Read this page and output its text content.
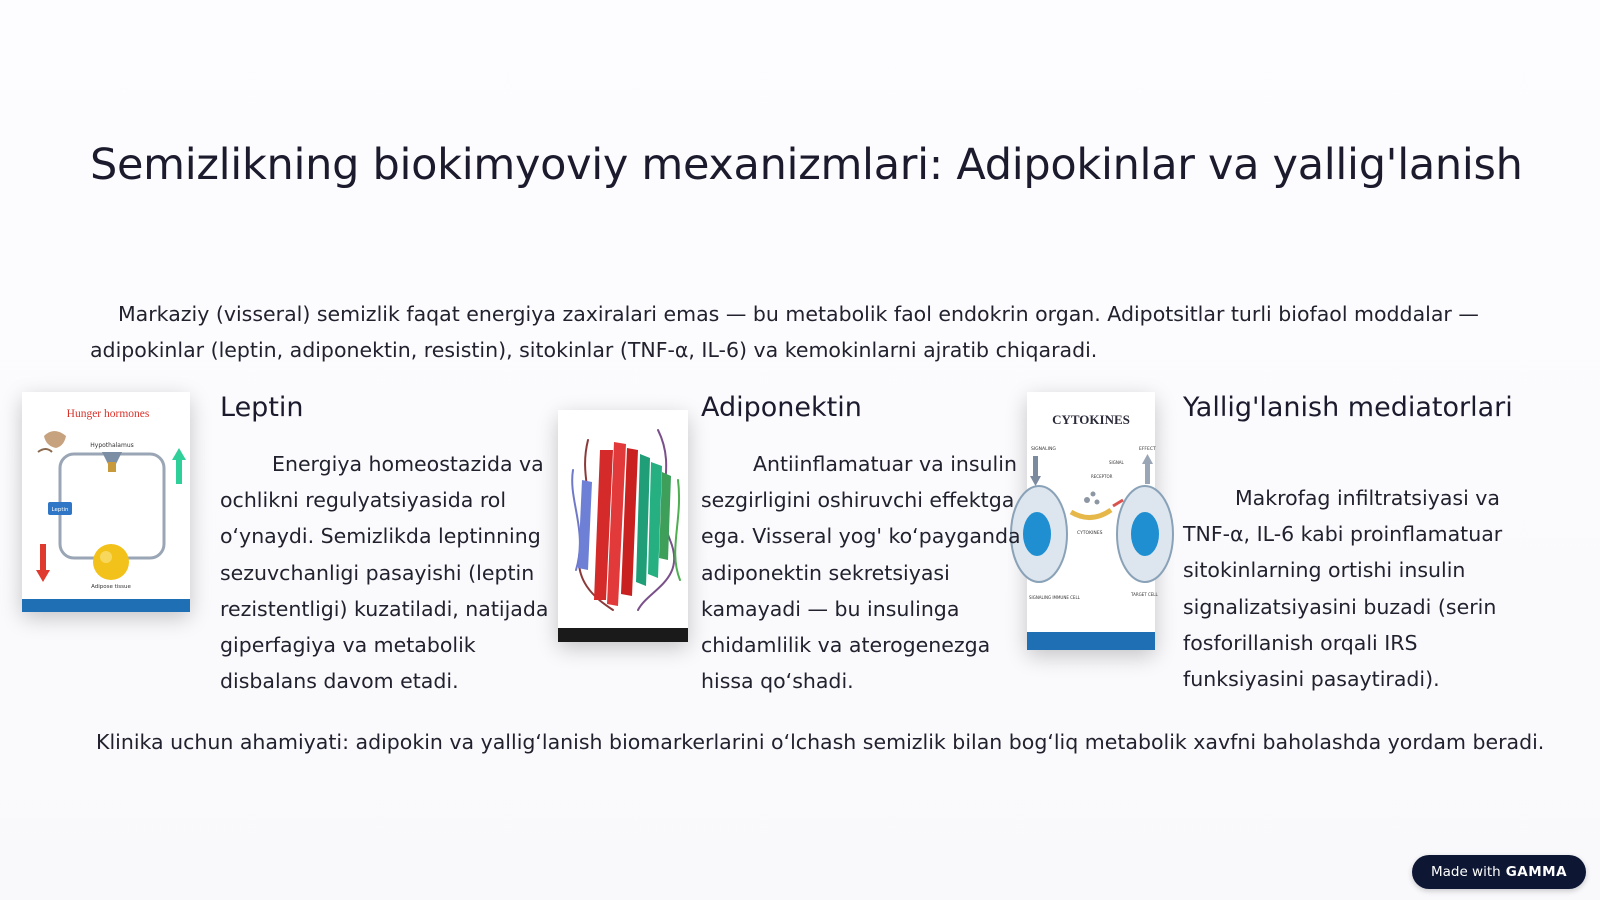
Semizlikning biokimyoviy mexanizmlari: Adipokinlar va yallig'lanish

Markaziy (visseral) semizlik faqat energiya zaxiralari emas — bu metabolik faol endokrin organ. Adipotsitlar turli biofaol moddalar — adipokinlar (leptin, adiponektin, resistin), sitokinlar (TNF-α, IL-6) va kemokinlarni ajratib chiqaradi.

Hunger hormones
Hypothalamus
Leptin
Adipose tissue
CYTOKINES
SIGNALING	EFFECT
SIGNAL
RECEPTOR
CYTOKINES
SIGNALING IMMUNE CELL
TARGET CELL
Leptin	Adiponektin	Yallig'lanish mediatorlari

Energiya homeostazida va ochlikni regulyatsiyasida rol o‘ynaydi. Semizlikda leptinning sezuvchanligi pasayishi (leptin rezistentligi) kuzatiladi, natijada giperfagiya va metabolik disbalans davom etadi.

Antiinflamatuar va insulin sezgirligini oshiruvchi effektga ega. Visseral yog' ko‘payganda adiponektin sekretsiyasi kamayadi — bu insulinga chidamlilik va aterogenezga hissa qo‘shadi.

Makrofag infiltratsiyasi va TNF-α, IL-6 kabi proinflamatuar sitokinlarning ortishi insulin signalizatsiyasini buzadi (serin fosforillanish orqali IRS funksiyasini pasaytiradi).

Klinika uchun ahamiyati: adipokin va yallig‘lanish biomarkerlarini o‘lchash semizlik bilan bog‘liq metabolik xavfni baholashda yordam beradi.

Made with GAMMA
